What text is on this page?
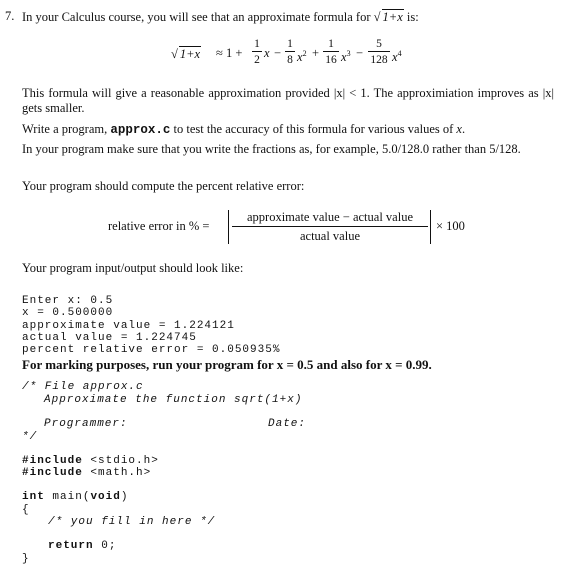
7. In your Calculus course, you will see that an approximate formula for √ 1+x is:
√ 1+x ≈ 1 +
1
2 x −
1
8 $x^2$ +
1
16 $x^3$ −
5
128 $x^4$
This formula will give a reasonable approximation provided |x| < 1. The approximiation improves as |x| gets smaller.
Write a program, approx.c to test the accuracy of this formula for various values of x.
In your program make sure that you write the fractions as, for example, 5.0/128.0 rather than 5/128.
Your program should compute the percent relative error:
relative error in % =
approximate value − actual value
actual value
× 100
Your program input/output should look like:

Enter x: 0.5
x = 0.500000
approximate value = 1.224121
actual value = 1.224745
percent relative error = 0.050935%
For marking purposes, run your program for x = 0.5 and also for x = 0.99.
/* File approx.c
Approximate the function sqrt(1+x)
Programmer:	Date:
*/
#include <stdio.h>
#include <math.h>
int main(void)
{
/* you fill in here */
return 0;
}
